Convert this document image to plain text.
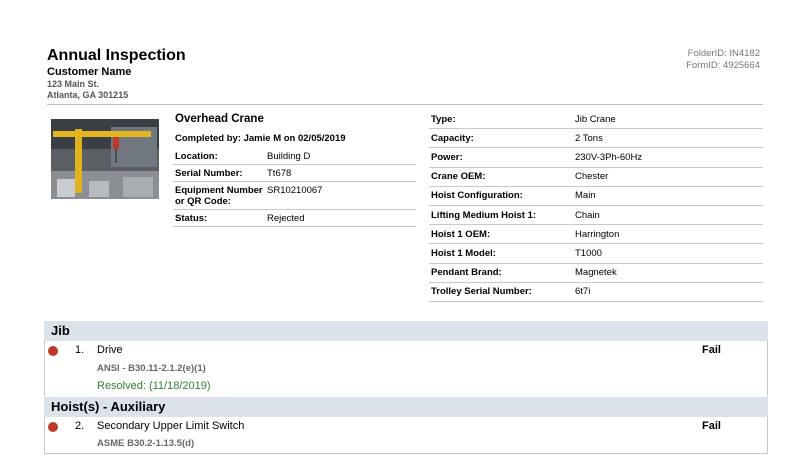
Annual Inspection
Customer Name
123 Main St.
Atlanta, GA 301215
FolderID: IN4182
FormID: 4925664
Overhead Crane
Completed by: Jamie M on 02/05/2019
Location:	Building D
Serial Number:	Tt678
Equipment Number or QR Code:
SR10210067
Status:	Rejected
Type:	Jib Crane
Capacity:	2 Tons
Power:	230V-3Ph-60Hz
Crane OEM:	Chester
Hoist Configuration:	Main
Lifting Medium Hoist 1:	Chain
Hoist 1 OEM:	Harrington
Hoist 1 Model:	T1000
Pendant Brand:	Magnetek
Trolley Serial Number:	6t7i
Jib
1. Drive	Fail
ANSI - B30.11-2.1.2(e)(1)
Resolved: (11/18/2019)
Hoist(s) - Auxiliary
2. Secondary Upper Limit Switch	Fail
ASME B30.2-1.13.5(d)
